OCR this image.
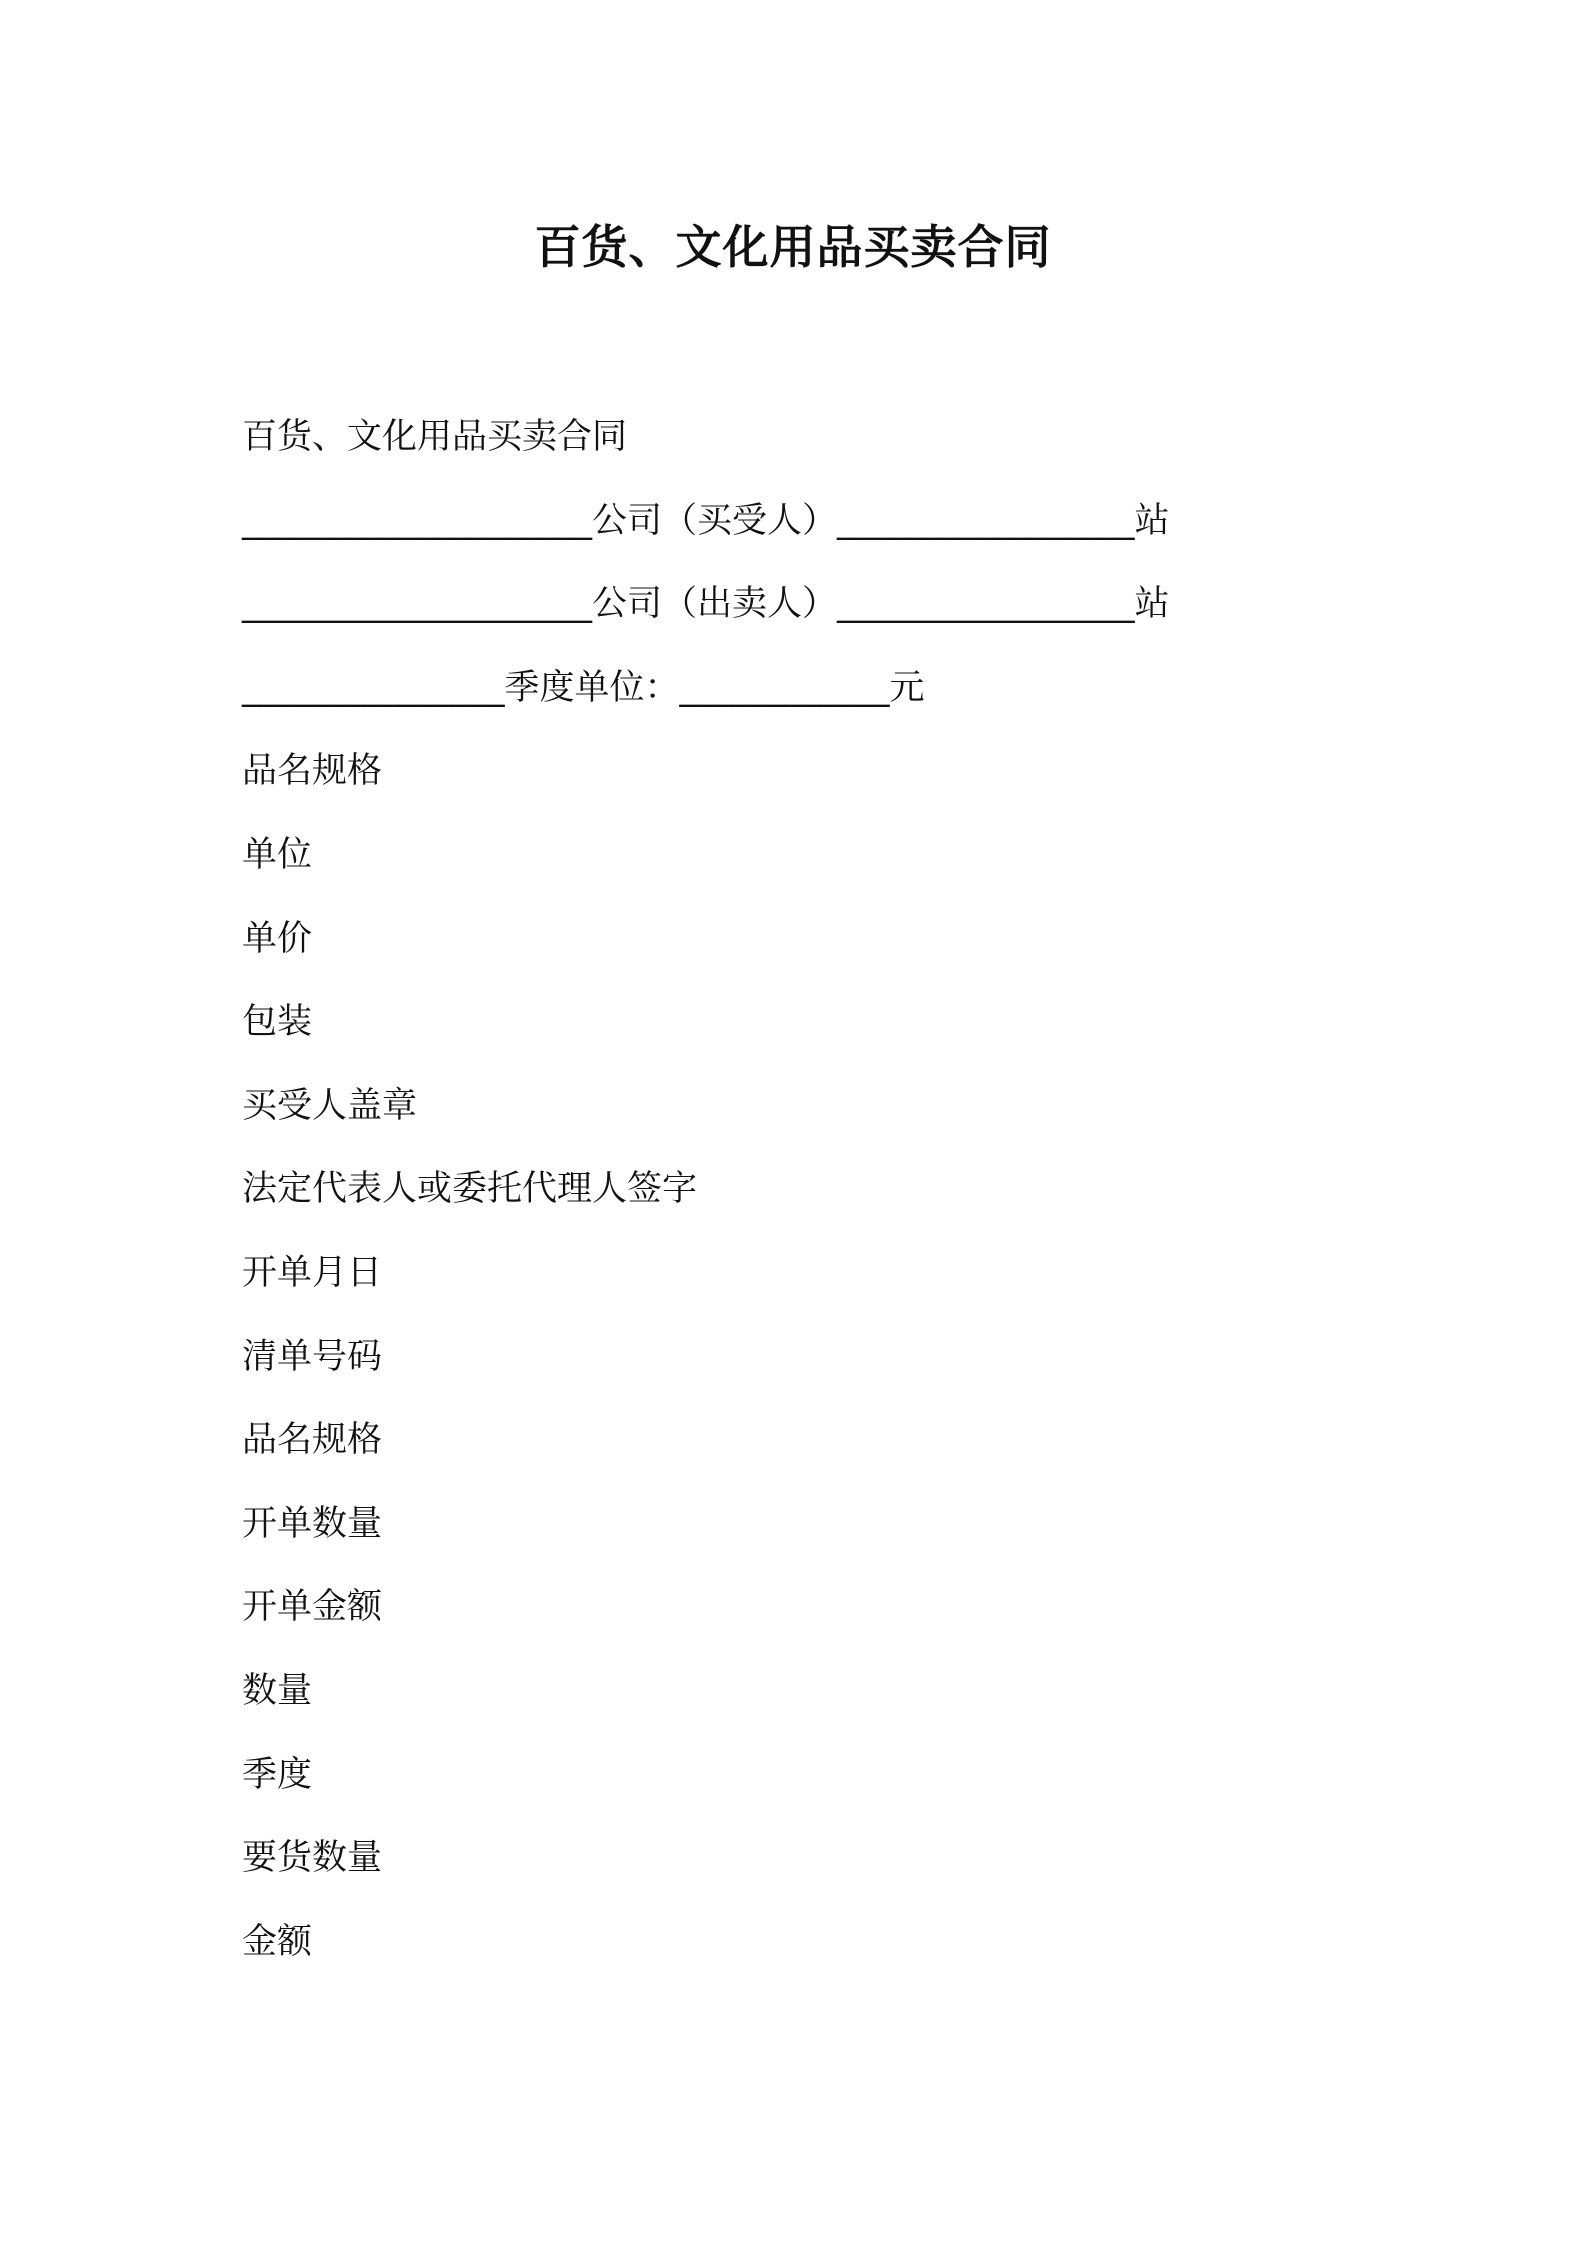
百货、文化用品买卖合同
百货、文化用品买卖合同
____________________公司（买受人）_________________站
____________________公司（出卖人）_________________站
_______________季度单位：____________元
品名规格
单位
单价
包装
买受人盖章
法定代表人或委托代理人签字
开单月日
清单号码
品名规格
开单数量
开单金额
数量
季度
要货数量
金额
